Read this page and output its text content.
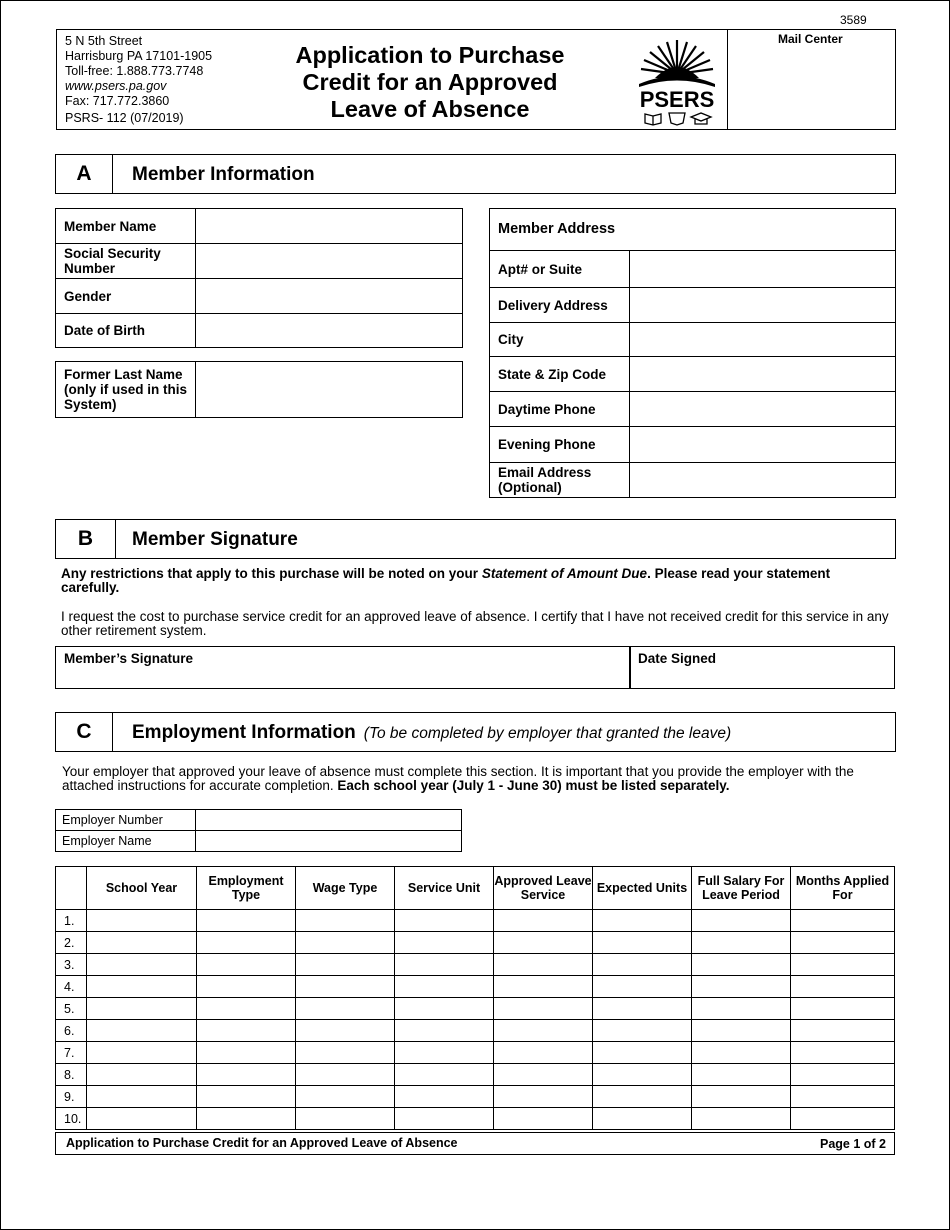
3589
5 N 5th Street
Harrisburg PA 17101-1905
Toll-free: 1.888.773.7748
www.psers.pa.gov
Fax: 717.772.3860
PSRS- 112 (07/2019)
Application to Purchase
Credit for an Approved
Leave of Absence	PSERS
Mail Center
A	Member Information
Member Name	
Social Security Number	
Gender	
Date of Birth	
Former Last Name (only if used in this System)	
Member Address
Apt# or Suite	
Delivery Address	
City	
State & Zip Code	
Daytime Phone	
Evening Phone	
Email Address (Optional)	
B	Member Signature
Any restrictions that apply to this purchase will be noted on your Statement of Amount Due. Please read your statement carefully.
I request the cost to purchase service credit for an approved leave of absence. I certify that I have not received credit for this service in any other retirement system.
Member’s Signature	Date Signed
C	Employment Information (To be completed by employer that granted the leave)
Your employer that approved your leave of absence must complete this section. It is important that you provide the employer with the attached instructions for accurate completion. Each school year (July 1 - June 30) must be listed separately.
Employer Number	
Employer Name	
	School Year	Employment Type	Wage Type	Service Unit	Approved Leave Service	Expected Units	Full Salary For Leave Period	Months Applied For
1.								
2.								
3.								
4.								
5.								
6.								
7.								
8.								
9.								
10.								
Application to Purchase Credit for an Approved Leave of Absence	Page 1 of 2
